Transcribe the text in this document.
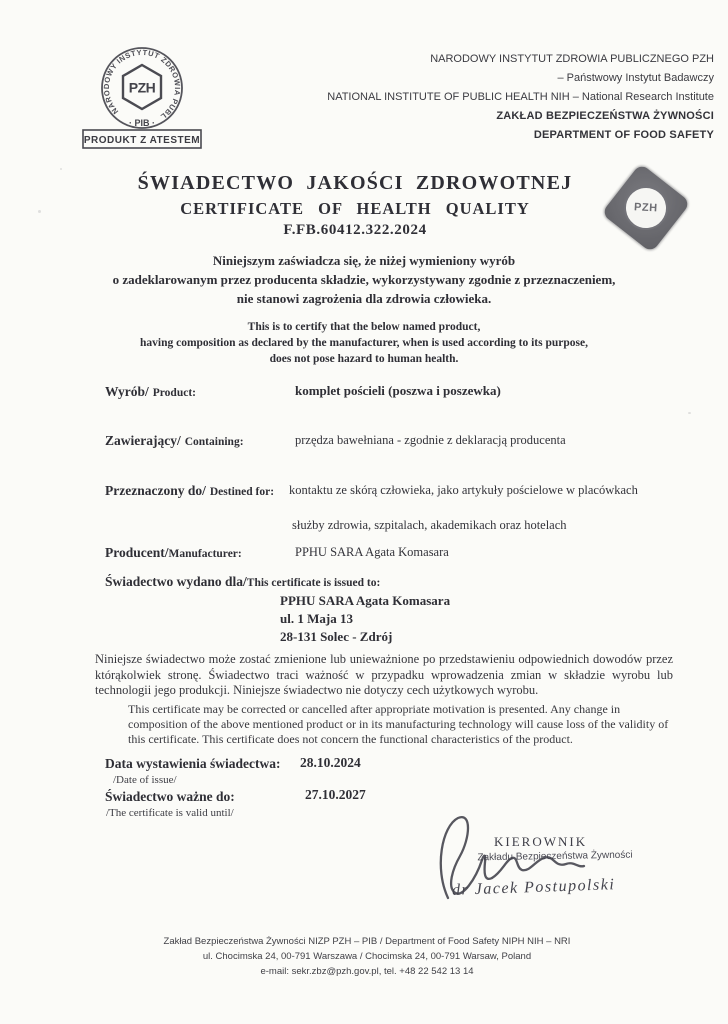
NARODOWY INSTYTUT ZDROWIA PUBLICZNEGO
PZH
· PIB ·
PRODUKT Z ATESTEM
NARODOWY INSTYTUT ZDROWIA PUBLICZNEGO PZH
– Państwowy Instytut Badawczy
NATIONAL INSTITUTE OF PUBLIC HEALTH NIH – National Research Institute
ZAKŁAD BEZPIECZEŃSTWA ŻYWNOŚCI
DEPARTMENT OF FOOD SAFETY
ŚWIADECTWO JAKOŚCI ZDROWOTNEJ
CERTIFICATE OF HEALTH QUALITY
F.FB.60412.322.2024
PZH
Niniejszym zaświadcza się, że niżej wymieniony wyrób
o zadeklarowanym przez producenta składzie, wykorzystywany zgodnie z przeznaczeniem,
nie stanowi zagrożenia dla zdrowia człowieka.
This is to certify that the below named product,
having composition as declared by the manufacturer, when is used according to its purpose,
does not pose hazard to human health.
Wyrób/ Product:	komplet pościeli (poszwa i poszewka)
Zawierający/ Containing:	przędza bawełniana - zgodnie z deklaracją producenta
Przeznaczony do/ Destined for: kontaktu ze skórą człowieka, jako artykuły pościelowe w placówkach
służby zdrowia, szpitalach, akademikach oraz hotelach
Producent/Manufacturer:	PPHU SARA Agata Komasara
Świadectwo wydano dla/This certificate is issued to:
PPHU SARA Agata Komasara
ul. 1 Maja 13
28-131 Solec - Zdrój
Niniejsze świadectwo może zostać zmienione lub unieważnione po przedstawieniu odpowiednich dowodów przez którąkolwiek stronę. Świadectwo traci ważność w przypadku wprowadzenia zmian w składzie wyrobu lub technologii jego produkcji. Niniejsze świadectwo nie dotyczy cech użytkowych wyrobu.
This certificate may be corrected or cancelled after appropriate motivation is presented. Any change in composition of the above mentioned product or in its manufacturing technology will cause loss of the validity of this certificate. This certificate does not concern the functional characteristics of the product.
Data wystawienia świadectwa: 28.10.2024
/Date of issue/
Świadectwo ważne do:	27.10.2027
/The certificate is valid until/
KIEROWNIK
Zakładu Bezpieczeństwa Żywności
dr Jacek Postupolski
Zakład Bezpieczeństwa Żywności NIZP PZH – PIB / Department of Food Safety NIPH NIH – NRI
ul. Chocimska 24, 00-791 Warszawa / Chocimska 24, 00-791 Warsaw, Poland
e-mail: sekr.zbz@pzh.gov.pl, tel. +48 22 542 13 14
